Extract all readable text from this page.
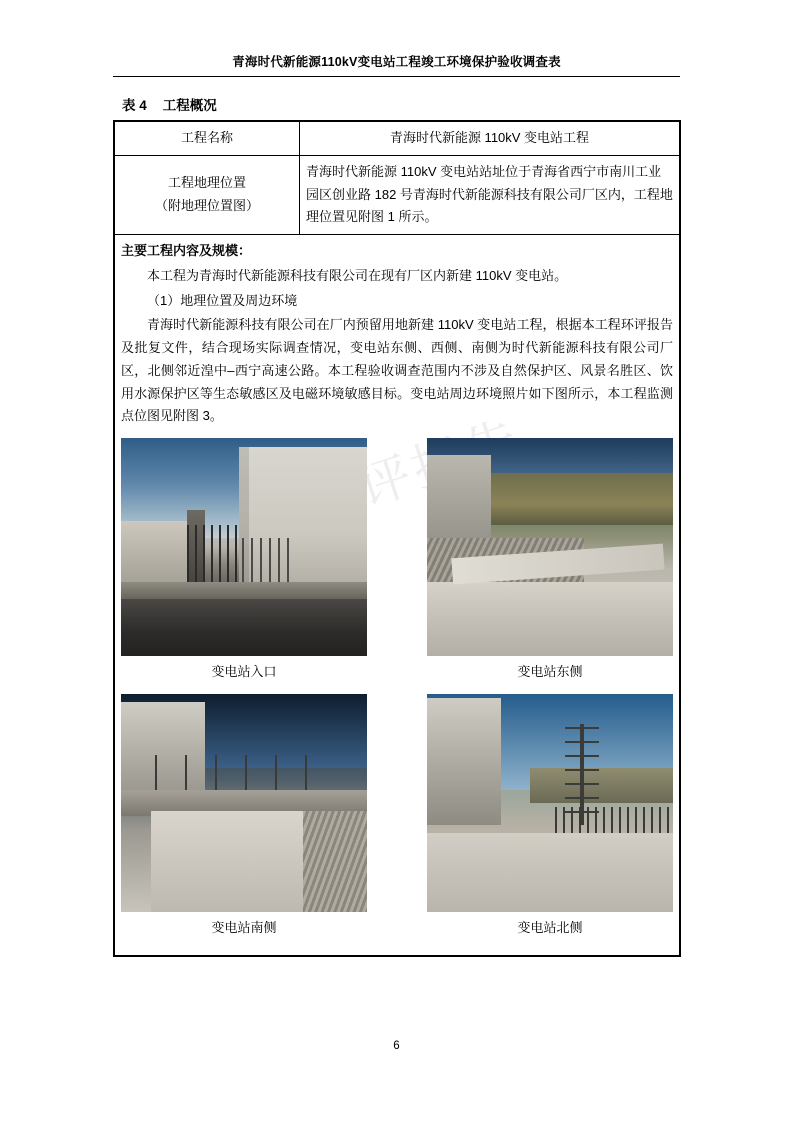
青海时代新能源110kV变电站工程竣工环境保护验收调查表
表 4 工程概况
环评报告
工程名称	青海时代新能源 110kV 变电站工程

工程地理位置
（附地理位置图）	青海时代新能源 110kV 变电站站址位于青海省西宁市南川工业园区创业路 182 号青海时代新能源科技有限公司厂区内，工程地理位置见附图 1 所示。

主要工程内容及规模：

本工程为青海时代新能源科技有限公司在现有厂区内新建 110kV 变电站。

（1）地理位置及周边环境

青海时代新能源科技有限公司在厂内预留用地新建 110kV 变电站工程，根据本工程环评报告及批复文件，结合现场实际调查情况，变电站东侧、西侧、南侧为时代新能源科技有限公司厂区，北侧邻近湟中–西宁高速公路。本工程验收调查范围内不涉及自然保护区、风景名胜区、饮用水源保护区等生态敏感区及电磁环境敏感目标。变电站周边环境照片如下图所示，本工程监测点位图见附图 3。

变电站入口	变电站东侧
变电站南侧	变电站北侧
6
